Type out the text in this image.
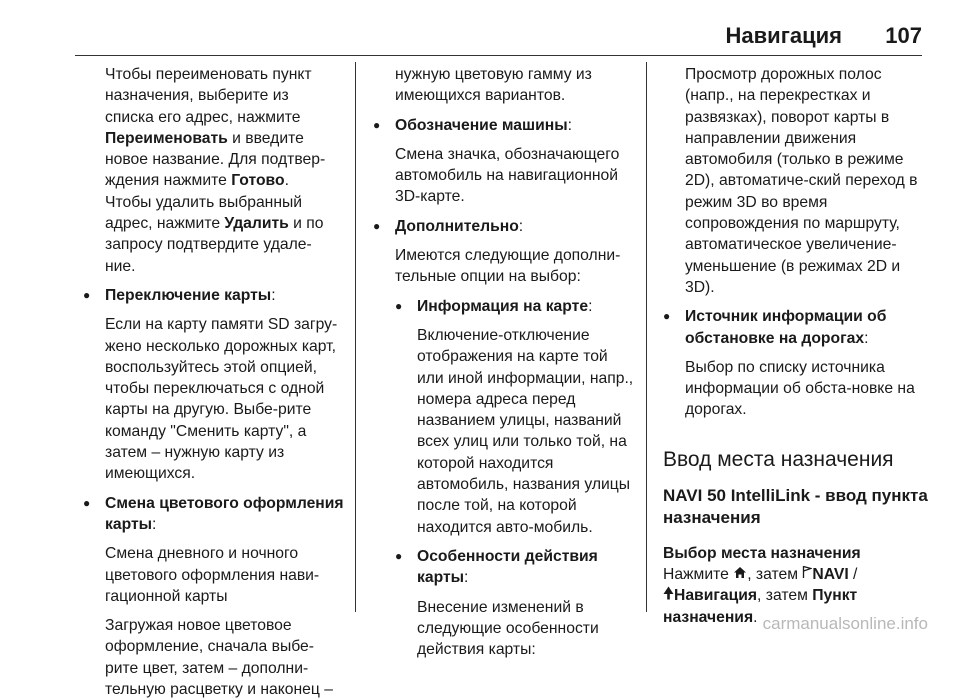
Навигация 107
Чтобы переименовать пункт
назначения, выберите из
списка его адрес, нажмите
Переименовать и введите
новое название. Для подтвер-
ждения нажмите Готово.
Чтобы удалить выбранный
адрес, нажмите Удалить и по
запросу подтвердите удале-
ние.
● Переключение карты:

Если на карту памяти SD загру-жено несколько дорожных карт, воспользуйтесь этой опцией, чтобы переключаться с одной карты на другую. Выбе-рите команду "Сменить карту", а затем – нужную карту из имеющихся.

● Смена цветового оформления карты:

Смена дневного и ночного цветового оформления нави-гационной карты

Загружая новое цветовое оформление, сначала выбе-рите цвет, затем – дополни-тельную расцветку и наконец –

нужную цветовую гамму из имеющихся вариантов.

● Обозначение машины:

Смена значка, обозначающего автомобиль на навигационной 3D-карте.

● Дополнительно:

Имеются следующие дополни-тельные опции на выбор:

● Информация на карте:

Включение-отключение отображения на карте той или иной информации, напр., номера адреса перед названием улицы, названий всех улиц или только той, на которой находится автомобиль, названия улицы после той, на которой находится авто-мобиль.

● Особенности действия карты:

Внесение изменений в следующие особенности действия карты:

Просмотр дорожных полос (напр., на перекрестках и развязках), поворот карты в направлении движения автомобиля (только в режиме 2D), автоматиче-ский переход в режим 3D во время сопровождения по маршруту, автоматическое увеличение-уменьшение (в режимах 2D и 3D).

● Источник информации об обстановке на дорогах:

Выбор по списку источника информации об обста-новке на дорогах.

Ввод места назначения
NAVI 50 IntelliLink - ввод пункта назначения
Выбор места назначения

Нажмите , затем NAVI /
Навигация, затем Пункт назначения. carmanualsonline.info
